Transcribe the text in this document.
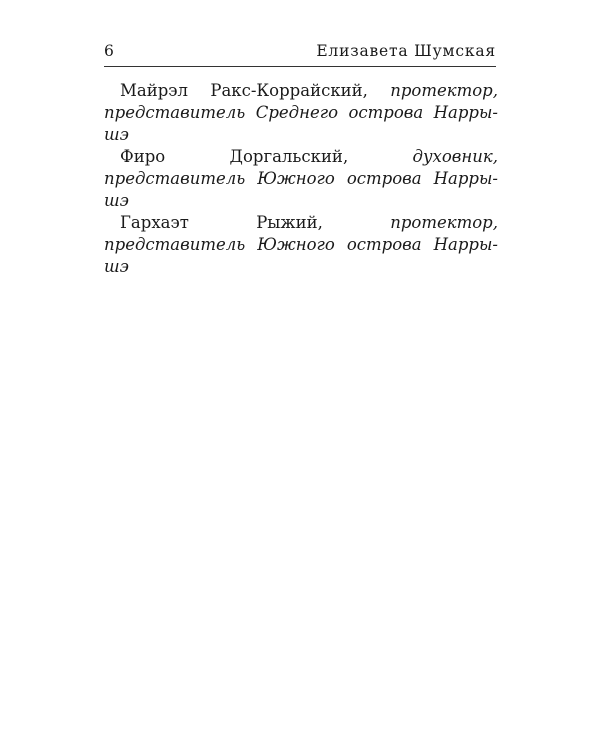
6	Елизавета Шумская

Майрэл Ракс-Коррайский, протектор, представитель Среднего острова Нарры-шэ

Фиро Доргальский, духовник, представитель Южного острова Нарры-шэ

Гархаэт Рыжий, протектор, представитель Южного острова Нарры-шэ
